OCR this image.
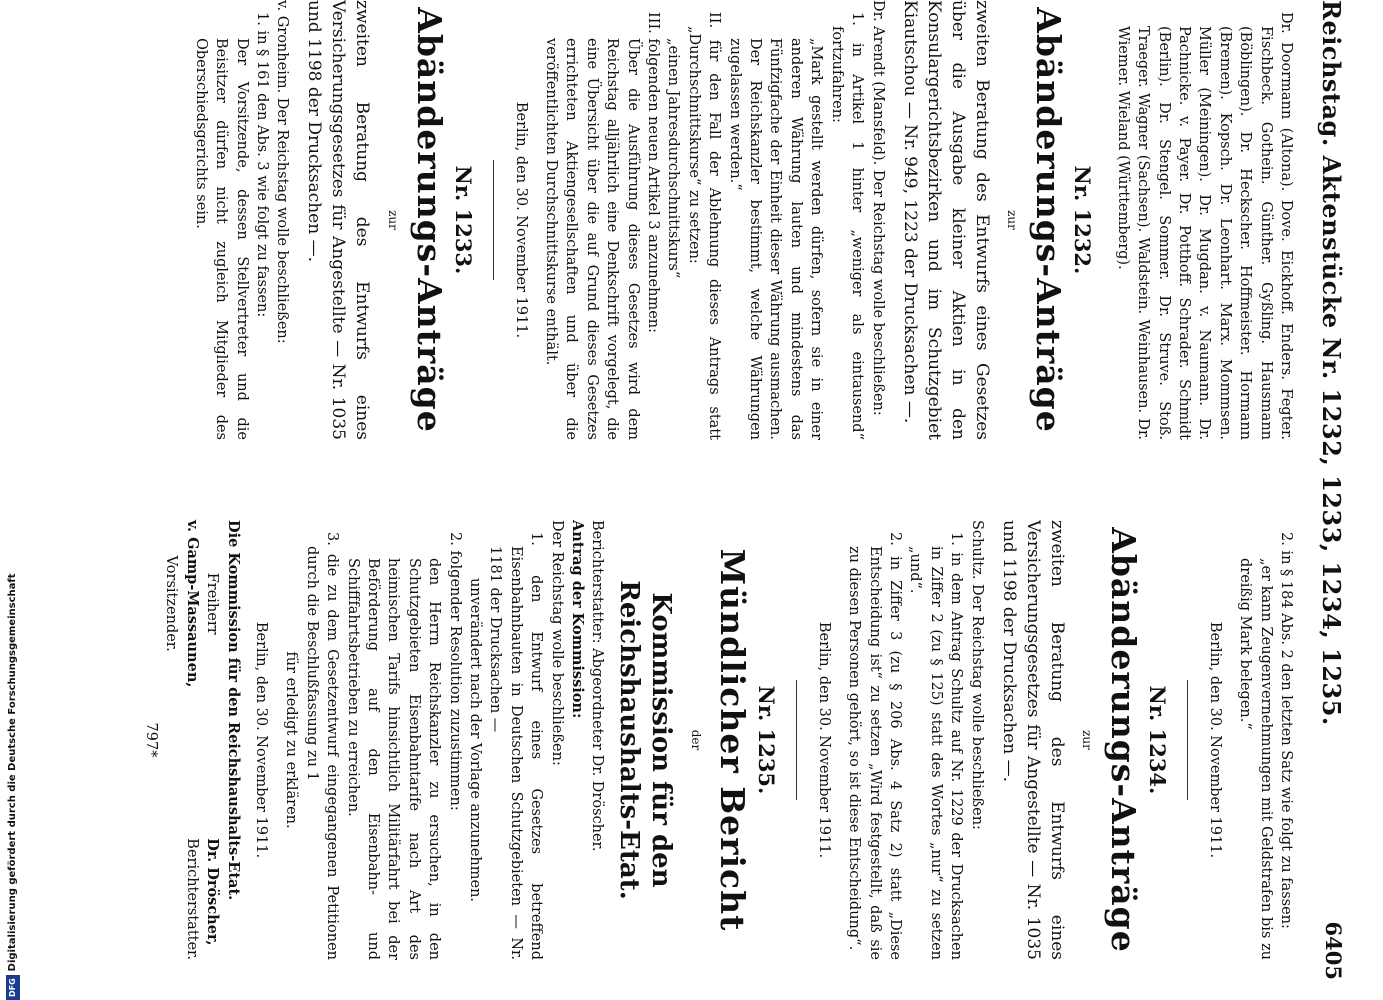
Reichstag. Aktenstücke Nr. 1232, 1233, 1234, 1235.
6405

Dr. Doormann (Altona). Dove. Eickhoff. Enders. Fegter. Fischbeck. Gothein. Günther. Gyßling. Hausmann (Böblingen). Dr. Heckscher. Hoffmeister. Hormann (Bremen). Kopsch. Dr. Leonhart. Marx. Mommsen. Müller (Meiningen). Dr. Mugdan. v. Naumann. Dr. Pachnicke. v. Payer. Dr. Potthoff. Schrader. Schmidt (Berlin). Dr. Stengel. Sommer. Dr. Struve. Stoß. Traeger. Wagner (Sachsen). Waldstein. Weinhausen. Dr. Wiemer. Wieland (Württemberg).

Nr. 1232.
Abänderungs-Anträge
zur

zweiten Beratung des Entwurfs eines Gesetzes über die Ausgabe kleiner Aktien in den Konsulargerichtsbezirken und im Schutzgebiet Kiautschou — Nr. 949, 1223 der Drucksachen —.

Dr. Arendt (Mansfeld). Der Reichstag wolle beschließen:

1. in Artikel 1 hinter „weniger als eintausend“ fortzufahren:

„Mark gestellt werden dürfen, sofern sie in einer anderen Währung lauten und mindestens das Fünfzigfache der Einheit dieser Währung ausmachen. Der Reichskanzler bestimmt, welche Währungen zugelassen werden.“

II. für den Fall der Ablehnung dieses Antrags statt „Durchschnittskurse“ zu setzen:

„einen Jahresdurchschnittskurs“

III. folgenden neuen Artikel 3 anzunehmen:

Über die Ausführung dieses Gesetzes wird dem Reichstag alljährlich eine Denkschrift vorgelegt, die eine Übersicht über die auf Grund dieses Gesetzes errichteten Aktiengesellschaften und über die veröffentlichten Durchschnittskurse enthält.

Berlin, den 30. November 1911.

Nr. 1233.
Abänderungs-Anträge
zur

zweiten Beratung des Entwurfs eines Versicherungsgesetzes für Angestellte — Nr. 1035 und 1198 der Drucksachen —.

v. Gronheim. Der Reichstag wolle beschließen:

1. in § 161 den Abs. 3 wie folgt zu fassen:

Der Vorsitzende, dessen Stellvertreter und die Beisitzer dürfen nicht zugleich Mitglieder des Oberschiedsgerichts sein.

2. in § 184 Abs. 2 den letzten Satz wie folgt zu fassen:

„er kann Zeugenvernehmungen mit Geldstrafen bis zu dreißig Mark belegen.“

Berlin, den 30. November 1911.

Nr. 1234.
Abänderungs-Anträge
zur

zweiten Beratung des Entwurfs eines Versicherungsgesetzes für Angestellte — Nr. 1035 und 1198 der Drucksachen —.

Schultz. Der Reichstag wolle beschließen:

1. in dem Antrag Schultz auf Nr. 1229 der Drucksachen in Ziffer 2 (zu § 125) statt des Wortes „nur“ zu setzen „und“.

2. in Ziffer 3 (zu § 206 Abs. 4 Satz 2) statt „Diese Entscheidung ist“ zu setzen „Wird festgestellt, daß sie zu diesen Personen gehört, so ist diese Entscheidung“.

Berlin, den 30. November 1911.

Nr. 1235.
Mündlicher Bericht
der
Kommission für den Reichshaushalts-Etat.

Berichterstatter: Abgeordneter Dr. Dröscher.

Antrag der Kommission:

Der Reichstag wolle beschließen:

1. den Entwurf eines Gesetzes betreffend Eisenbahnbauten in Deutschen Schutzgebieten — Nr. 1181 der Drucksachen —

unverändert nach der Vorlage anzunehmen.

2. folgender Resolution zuzustimmen:

den Herrn Reichskanzler zu ersuchen, in den Schutzgebieten Eisenbahntarife nach Art des heimischen Tarifs hinsichtlich Militärfahrt bei der Beförderung auf den Eisenbahn- und Schifffahrtsbetrieben zu erreichen.

3. die zu dem Gesetzentwurf eingegangenen Petitionen durch die Beschlußfassung zu 1

für erledigt zu erklären.

Berlin, den 30. November 1911.

Die Kommission für den Reichshaushalts-Etat.

Freiherr
v. Gamp-Massaunen,
Vorsitzender.
Dr. Dröscher,
Berichterstatter.
797*
DFGDigitalisierung gefördert durch die Deutsche Forschungsgemeinschaft
